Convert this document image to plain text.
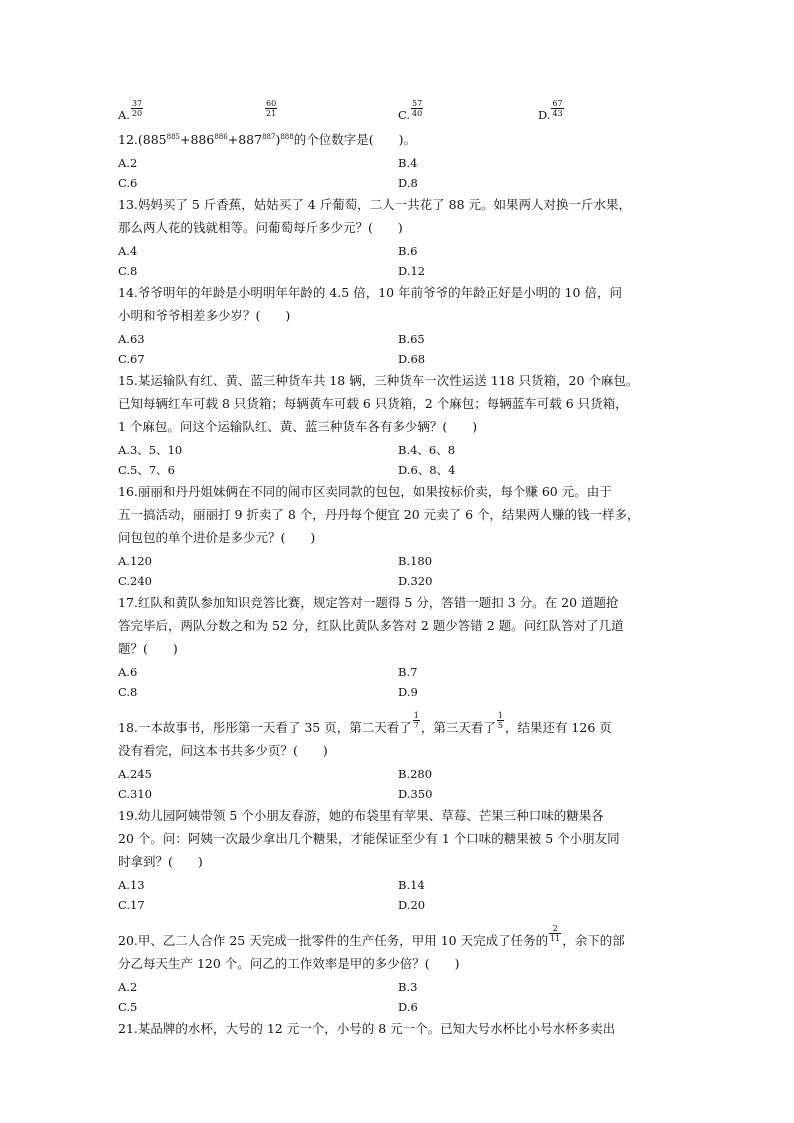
A. $\frac{37}{20}$	$\frac{60}{21}$	C. $\frac{57}{40}$	D. $\frac{67}{43}$

$12.(885^{885}+886^{886}+887^{887})^{888}$的个位数字是(　　)。

A.2	B.4
C.6	D.8

13.妈妈买了 5 斤香蕉，姑姑买了 4 斤葡萄，二人一共花了 88 元。如果两人对换一斤水果，

那么两人花的钱就相等。问葡萄每斤多少元？(　　)

A.4	B.6
C.8	D.12

14.爷爷明年的年龄是小明明年年龄的 4.5 倍，10 年前爷爷的年龄正好是小明的 10 倍，问

小明和爷爷相差多少岁？(　　)

A.63	B.65
C.67	D.68

15.某运输队有红、黄、蓝三种货车共 18 辆，三种货车一次性运送 118 只货箱，20 个麻包。

已知每辆红车可载 8 只货箱；每辆黄车可载 6 只货箱，2 个麻包；每辆蓝车可载 6 只货箱，

1 个麻包。问这个运输队红、黄、蓝三种货车各有多少辆？(　　)

A.3、5、10	B.4、6、8
C.5、7、6	D.6、8、4

16.丽丽和丹丹姐妹俩在不同的闹市区卖同款的包包，如果按标价卖，每个赚 60 元。由于

五一搞活动，丽丽打 9 折卖了 8 个，丹丹每个便宜 20 元卖了 6 个，结果两人赚的钱一样多，

问包包的单个进价是多少元？(　　)

A.120	B.180
C.240	D.320

17.红队和黄队参加知识竞答比赛，规定答对一题得 5 分，答错一题扣 3 分。在 20 道题抢

答完毕后，两队分数之和为 52 分，红队比黄队多答对 2 题少答错 2 题。问红队答对了几道

题？(　　)

A.6	B.7
C.8	D.9

18.一本故事书，彤彤第一天看了 35 页，第二天看了 $\frac{1}{7}$ ，第三天看了 $\frac{1}{5}$ ，结果还有 126 页

没有看完，问这本书共多少页？(　　)

A.245	B.280
C.310	D.350

19.幼儿园阿姨带领 5 个小朋友春游，她的布袋里有苹果、草莓、芒果三种口味的糖果各

20 个。问：阿姨一次最少拿出几个糖果，才能保证至少有 1 个口味的糖果被 5 个小朋友同

时拿到？(　　)

A.13	B.14
C.17	D.20

20.甲、乙二人合作 25 天完成一批零件的生产任务，甲用 10 天完成了任务的 $\frac{2}{11}$ ，余下的部

分乙每天生产 120 个。问乙的工作效率是甲的多少倍？(　　)

A.2	B.3
C.5	D.6

21.某品牌的水杯，大号的 12 元一个，小号的 8 元一个。已知大号水杯比小号水杯多卖出
